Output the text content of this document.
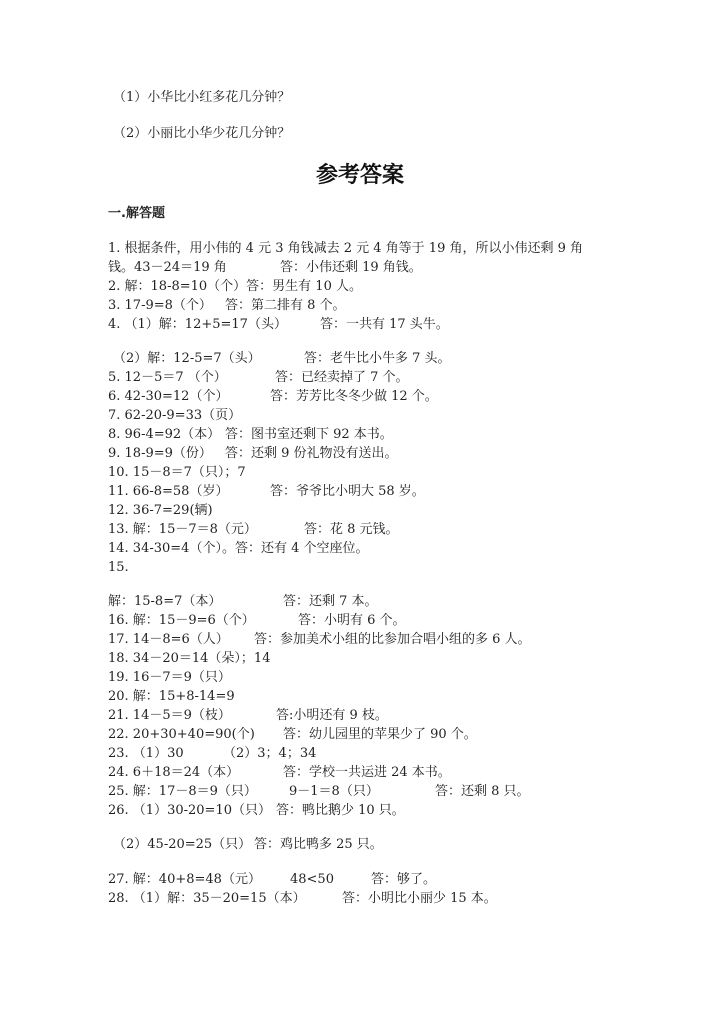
（1）小华比小红多花几分钟？
（2）小丽比小华少花几分钟？
参考答案
一.解答题
1. 根据条件，用小伟的 4 元 3 角钱减去 2 元 4 角等于 19 角，所以小伟还剩 9 角
钱。43－24＝19 角	答：小伟还剩 19 角钱。
2. 解：18-8=10（个）答：男生有 10 人。
3. 17-9=8（个） 答：第二排有 8 个。
4. （1）解：12+5=17（头）	答：一共有 17 头牛。
（2）解：12-5=7（头）	答：老牛比小牛多 7 头。
5. 12－5＝7 （个）	答：已经卖掉了 7 个。
6. 42-30=12（个）	答：芳芳比冬冬少做 12 个。
7. 62-20-9=33（页）
8. 96-4=92（本） 答：图书室还剩下 92 本书。
9. 18-9=9（份） 答：还剩 9 份礼物没有送出。
10. 15－8＝7（只）；7
11. 66-8=58（岁）	答：爷爷比小明大 58 岁。
12. 36-7=29(辆)
13. 解：15－7＝8（元）	答：花 8 元钱。
14. 34-30=4（个）。答：还有 4 个空座位。
15.
解：15-8=7（本）	答：还剩 7 本。
16. 解：15－9=6（个）	答：小明有 6 个。
17. 14－8=6（人） 答：参加美术小组的比参加合唱小组的多 6 人。
18. 34－20＝14（朵）；14
19. 16－7＝9（只）
20. 解：15+8-14=9
21. 14－5＝9（枝）	答:小明还有 9 枝。
22. 20+30+40=90(个) 答：幼儿园里的苹果少了 90 个。
23. （1）30	（2）3；4；34
24. 6＋18＝24（本）	答：学校一共运进 24 本书。
25. 解：17－8＝9（只） 9－1＝8（只）	答：还剩 8 只。
26. （1）30-20=10（只） 答：鸭比鹅少 10 只。
（2）45-20=25（只） 答：鸡比鸭多 25 只。
27. 解：40+8=48（元） 48<50	答：够了。
28. （1）解：35－20=15（本）	答：小明比小丽少 15 本。
